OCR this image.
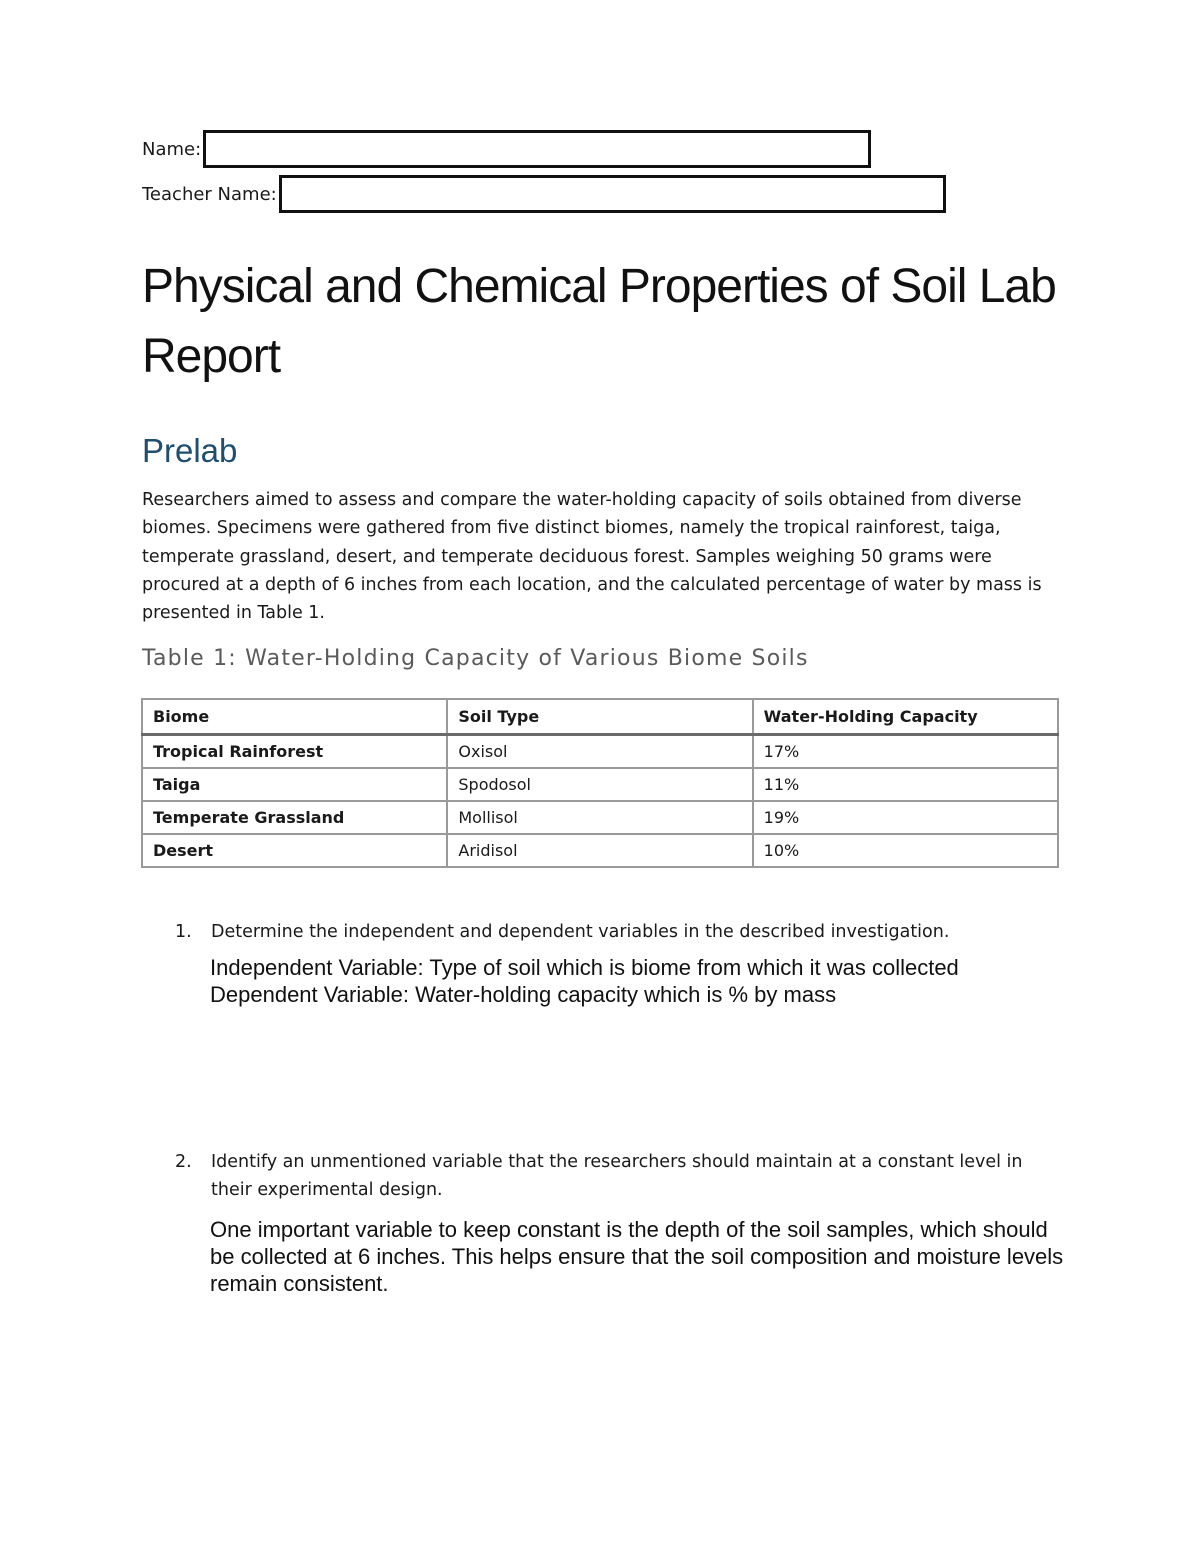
Name:
Teacher Name:
Physical and Chemical Properties of Soil Lab Report
Prelab

Researchers aimed to assess and compare the water-holding capacity of soils obtained from diverse biomes. Specimens were gathered from five distinct biomes, namely the tropical rainforest, taiga, temperate grassland, desert, and temperate deciduous forest. Samples weighing 50 grams were procured at a depth of 6 inches from each location, and the calculated percentage of water by mass is presented in Table 1.

Table 1: Water-Holding Capacity of Various Biome Soils
Biome	Soil Type	Water-Holding Capacity
Tropical Rainforest	Oxisol	17%
Taiga	Spodosol	11%
Temperate Grassland	Mollisol	19%
Desert	Aridisol	10%
1.	Determine the independent and dependent variables in the described investigation.
Independent Variable: Type of soil which is biome from which it was collected
Dependent Variable: Water-holding capacity which is % by mass
2.	Identify an unmentioned variable that the researchers should maintain at a constant level in their experimental design.
One important variable to keep constant is the depth of the soil samples, which should be collected at 6 inches. This helps ensure that the soil composition and moisture levels remain consistent.
